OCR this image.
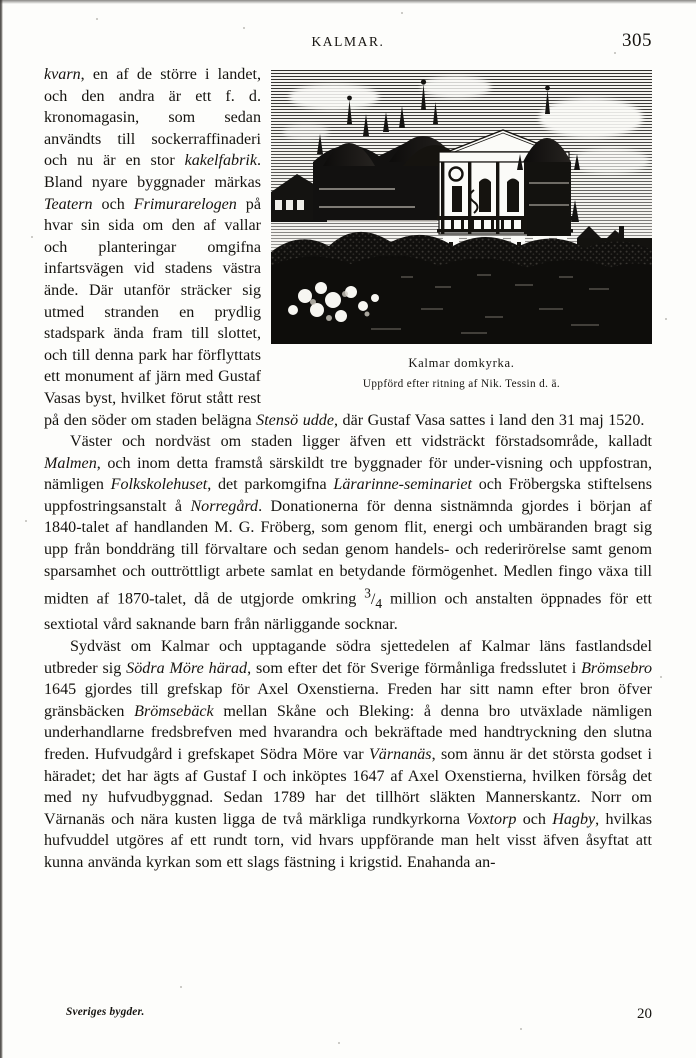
KALMAR.	305
Kalmar domkyrka.
Uppförd efter ritning af Nik. Tessin d. ä.

kvarn, en af de större i landet, och den andra är ett f. d. kronomagasin, som sedan användts till sockerraffinaderi och nu är en stor kakelfabrik. Bland nyare byggnader märkas Teatern och Frimurarelogen på hvar sin sida om den af vallar och planteringar omgifna infartsvägen vid stadens västra ände. Där utanför sträcker sig utmed stranden en prydlig stadspark ända fram till slottet, och till denna park har förflyttats ett monument af järn med Gustaf Vasas byst, hvilket förut stått rest på den söder om staden belägna Stensö udde, där Gustaf Vasa sattes i land den 31 maj 1520.

Väster och nordväst om staden ligger äfven ett vidsträckt förstadsområde, kalladt Malmen, och inom detta framstå särskildt tre byggnader för under-visning och uppfostran, nämligen Folkskolehuset, det parkomgifna Lärarinne-seminariet och Fröbergska stiftelsens uppfostringsanstalt å Norregård. Donationerna för denna sistnämnda gjordes i början af 1840-talet af handlanden M. G. Fröberg, som genom flit, energi och umbäranden bragt sig upp från bonddräng till förvaltare och sedan genom handels- och rederirörelse samt genom sparsamhet och outtröttligt arbete samlat en betydande förmögenhet. Medlen fingo växa till midten af 1870-talet, då de utgjorde omkring $^3/_4$ million och anstalten öppnades för ett sextiotal vård saknande barn från närliggande socknar.

Sydväst om Kalmar och upptagande södra sjettedelen af Kalmar läns fastlandsdel utbreder sig Södra Möre härad, som efter det för Sverige förmånliga fredsslutet i Brömsebro 1645 gjordes till grefskap för Axel Oxenstierna. Freden har sitt namn efter bron öfver gränsbäcken Brömsebäck mellan Skåne och Bleking: å denna bro utväxlade nämligen underhandlarne fredsbrefven med hvarandra och bekräftade med handtryckning den slutna freden. Hufvudgård i grefskapet Södra Möre var Värnanäs, som ännu är det största godset i häradet; det har ägts af Gustaf I och inköptes 1647 af Axel Oxenstierna, hvilken försåg det med ny hufvudbyggnad. Sedan 1789 har det tillhört släkten Mannerskantz. Norr om Värnanäs och nära kusten ligga de två märkliga rundkyrkorna Voxtorp och Hagby, hvilkas hufvuddel utgöres af ett rundt torn, vid hvars uppförande man helt visst äfven åsyftat att kunna använda kyrkan som ett slags fästning i krigstid. Enahanda an-

Sveriges bygder.	20
